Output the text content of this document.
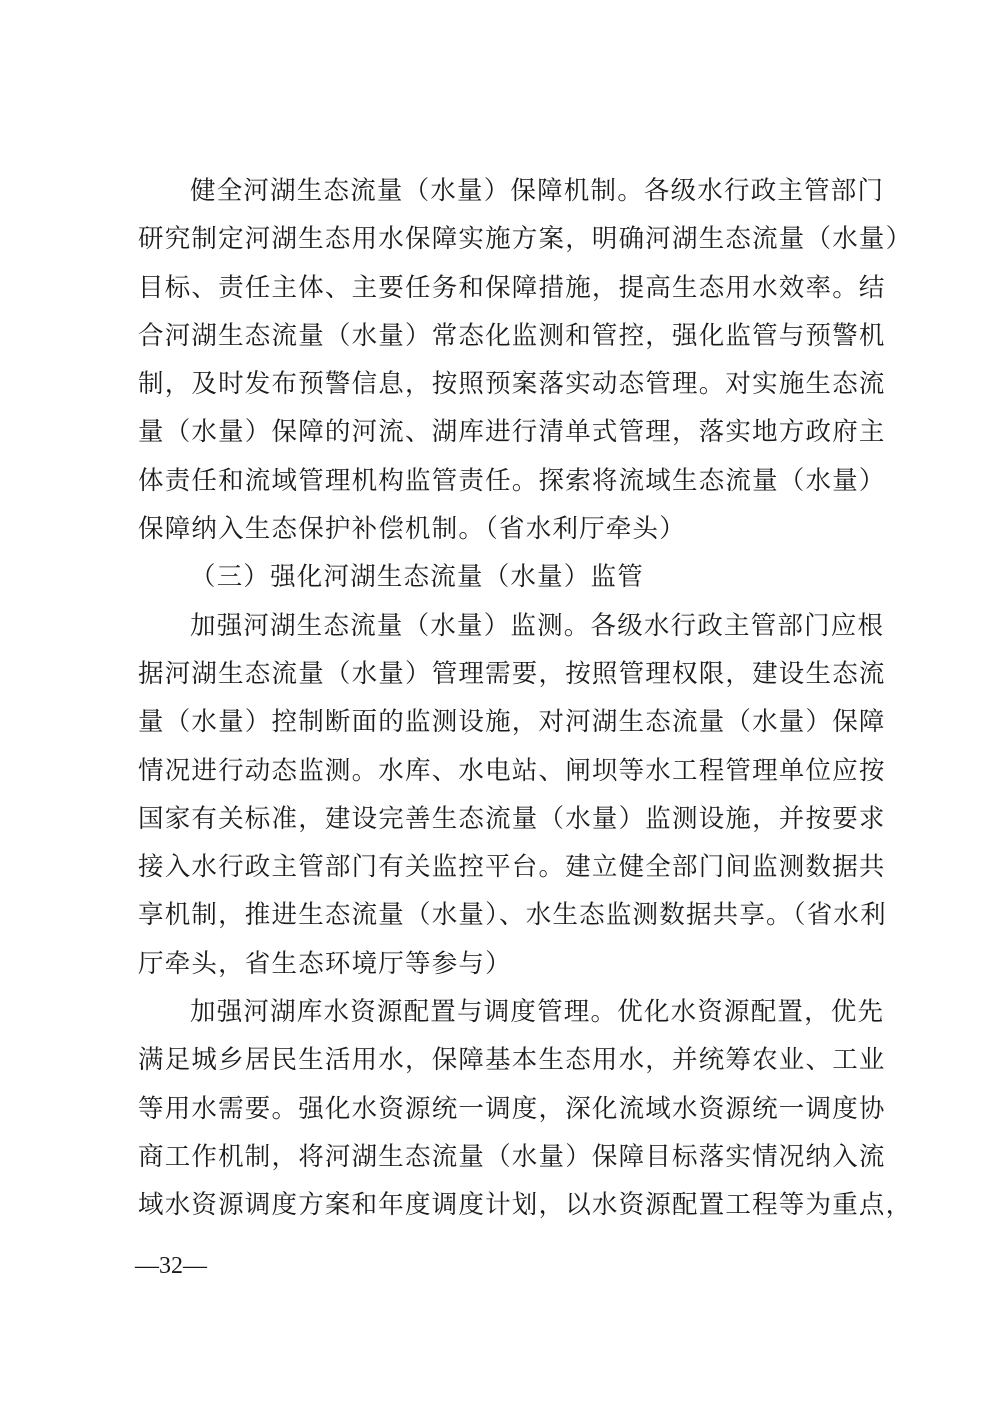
健全河湖生态流量（水量）保障机制。各级水行政主管部门
研究制定河湖生态用水保障实施方案，明确河湖生态流量（水量）
目标、责任主体、主要任务和保障措施，提高生态用水效率。结
合河湖生态流量（水量）常态化监测和管控，强化监管与预警机
制，及时发布预警信息，按照预案落实动态管理。对实施生态流
量（水量）保障的河流、湖库进行清单式管理，落实地方政府主
体责任和流域管理机构监管责任。探索将流域生态流量（水量）
保障纳入生态保护补偿机制。（省水利厅牵头）
（三）强化河湖生态流量（水量）监管
加强河湖生态流量（水量）监测。各级水行政主管部门应根
据河湖生态流量（水量）管理需要，按照管理权限，建设生态流
量（水量）控制断面的监测设施，对河湖生态流量（水量）保障
情况进行动态监测。水库、水电站、闸坝等水工程管理单位应按
国家有关标准，建设完善生态流量（水量）监测设施，并按要求
接入水行政主管部门有关监控平台。建立健全部门间监测数据共
享机制，推进生态流量（水量）、水生态监测数据共享。（省水利
厅牵头，省生态环境厅等参与）
加强河湖库水资源配置与调度管理。优化水资源配置，优先
满足城乡居民生活用水，保障基本生态用水，并统筹农业、工业
等用水需要。强化水资源统一调度，深化流域水资源统一调度协
商工作机制，将河湖生态流量（水量）保障目标落实情况纳入流
域水资源调度方案和年度调度计划，以水资源配置工程等为重点，
—32—
